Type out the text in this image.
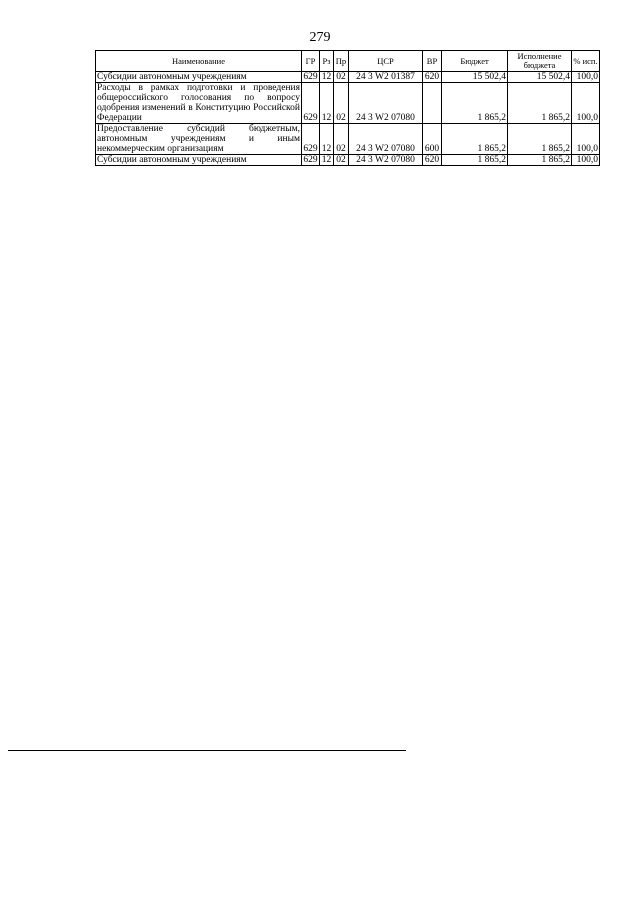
279
Наименование	ГР	Рз	Пр	ЦСР	ВР	Бюджет	Исполнение бюджета	% исп.
Субсидии автономным учреждениям	629	12	02	24 3 W2 01387	620	15 502,4	15 502,4	100,0
Расходы в рамках подготовки и проведения общероссийского голосования по вопросу одобрения изменений в Конституцию Российской Федерации	629	12	02	24 3 W2 07080		1 865,2	1 865,2	100,0
Предоставление субсидий бюджетным, автономным учреждениям и иным некоммерческим организациям	629	12	02	24 3 W2 07080	600	1 865,2	1 865,2	100,0
Субсидии автономным учреждениям	629	12	02	24 3 W2 07080	620	1 865,2	1 865,2	100,0
